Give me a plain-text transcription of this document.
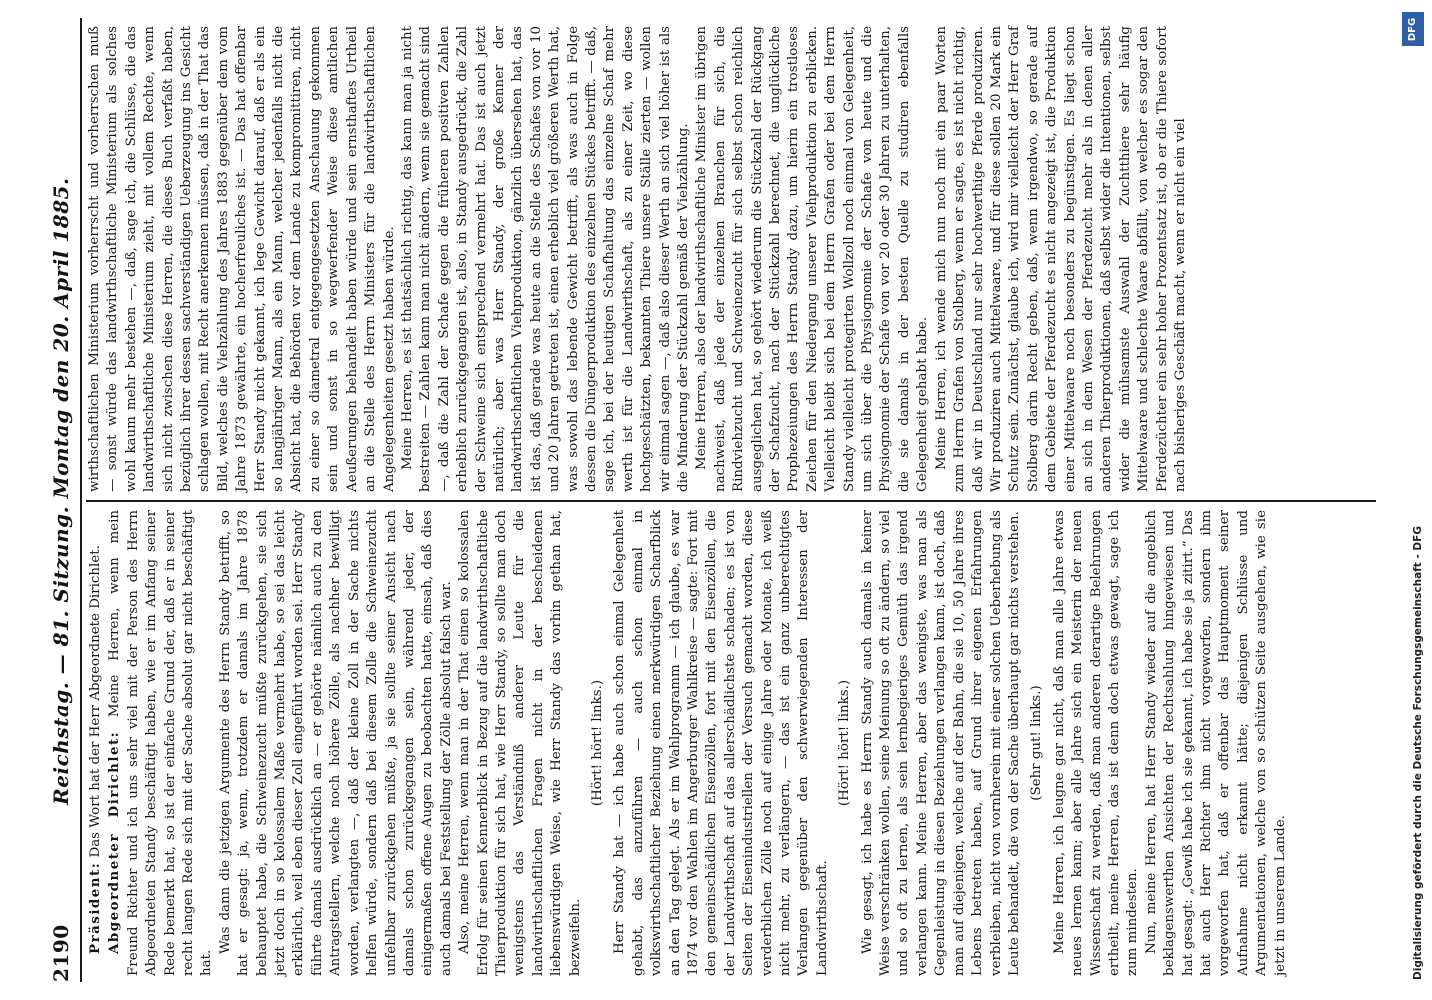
2190
Reichstag. — 81. Sitzung. Montag den 20. April 1885.

Präsident: Das Wort hat der Herr Abgeordnete Dirichlet. Abgeordneter Dirichlet: Meine Herren, wenn mein Freund Richter und ich uns sehr viel mit der Person des Herrn Abgeordneten Standy beschäftigt haben, wie er im Anfang seiner Rede bemerkt hat, so ist der einfache Grund der, daß er in seiner recht langen Rede sich mit der Sache absolut gar nicht beschäftigt hat.

Was dann die jetzigen Argumente des Herrn Standy betrifft, so hat er gesagt: ja, wenn, trotzdem er damals im Jahre 1878 behauptet habe, die Schweinezucht müßte zurückgehen, sie sich jetzt doch in so kolossalem Maße vermehrt habe, so sei das leicht erklärlich, weil eben dieser Zoll eingeführt worden sei. Herr Standy führte damals ausdrücklich an — er gehörte nämlich auch zu den Antragstellern, welche noch höhere Zölle, als nachher bewilligt worden, verlangten —, daß der kleine Zoll in der Sache nichts helfen würde, sondern daß bei diesem Zolle die Schweinezucht unfehlbar zurückgehen müßte, ja sie sollte seiner Ansicht nach damals schon zurückgegangen sein, während jeder, der einigermaßen offene Augen zu beobachten hatte, einsah, daß dies auch damals bei Feststellung der Zölle absolut falsch war. Also, meine Herren, wenn man in der That einen so kolossalen Erfolg für seinen Kennerblick in Bezug auf die landwirthschaftliche Thierproduktion für sich hat, wie Herr Standy, so sollte man doch wenigstens das Verständniß anderer Leute für die landwirthschaftlichen Fragen nicht in der bescheidenen liebenswürdigen Weise, wie Herr Standy das vorhin gethan hat, bezweifeln.

(Hört! hört! links.) Herr Standy hat — ich habe auch schon einmal Gelegenheit gehabt, das anzuführen — auch schon einmal in volkswirthschaftlicher Beziehung einen merkwürdigen Scharfblick an den Tag gelegt. Als er im Wahlprogramm — ich glaube, es war 1874 vor den Wahlen im Angerburger Wahlkreise — sagte: Fort mit den gemeinschädlichen Eisenzöllen, fort mit den Eisenzöllen, die der Landwirthschaft auf das allerschädlichste schaden; es ist von Seiten der Eisenindustriellen der Versuch gemacht worden, diese verderblichen Zölle noch auf einige Jahre oder Monate, ich weiß nicht mehr, zu verlängern, — das ist ein ganz unberechtigtes Verlangen gegenüber den schwerwiegenden Interessen der Landwirthschaft.

(Hört! hört! links.) Wie gesagt, ich habe es Herrn Standy auch damals in keiner Weise verschränken wollen, seine Meinung so oft zu ändern, so viel und so oft zu lernen, als sein lernbegieriges Gemüth das irgend verlangen kann. Meine Herren, aber das wenigste, was man als Gegenleistung in diesen Beziehungen verlangen kann, ist doch, daß man auf diejenigen, welche auf der Bahn, die sie 10, 50 Jahre ihres Lebens betreten haben, auf Grund ihrer eigenen Erfahrungen verbleiben, nicht von vornherein mit einer solchen Ueberhebung als Leute behandelt, die von der Sache überhaupt gar nichts verstehen. (Sehr gut! links.) Meine Herren, ich leugne gar nicht, daß man alle Jahre etwas neues lernen kann; aber alle Jahre sich ein Meisterin der neuen Wissenschaft zu werden, daß man anderen derartige Belehrungen ertheilt, meine Herren, das ist denn doch etwas gewagt, sage ich zum mindesten. Nun, meine Herren, hat Herr Standy wieder auf die angeblich beklagenswerthen Ansichten der Rechtsahlung hingewiesen und hat gesagt: „Gewiß habe ich sie gekannt, ich habe sie ja zitirt.“ Das hat auch Herr Richter ihm nicht vorgeworfen, sondern ihm vorgeworfen hat, daß er offenbar das Hauptmoment seiner Aufnahme nicht erkannt hätte; diejenigen Schlüsse und Argumentationen, welche von so schützen Seite ausgehen, wie sie jetzt in unserem Lande.

wirthschaftlichen Ministerium vorherrscht und vorherrschen muß — sonst würde das landwirthschaftliche Ministerium als solches wohl kaum mehr bestehen —, daß, sage ich, die Schlüsse, die das landwirthschaftliche Ministerium zieht, mit vollem Rechte, wenn sich nicht zwischen diese Herren, die dieses Buch verfaßt haben, bezüglich ihrer dessen sachverständigen Ueberzeugung ins Gesicht schlagen wollen, mit Recht anerkennen müssen, daß in der That das Bild, welches die Viehzählung des Jahres 1883 gegenüber dem vom Jahre 1873 gewährte, ein hocherfreuliches ist. — Das hat offenbar Herr Standy nicht gekannt, ich lege Gewicht darauf, daß er als ein so langjähriger Mann, als ein Mann, welcher jedenfalls nicht die Absicht hat, die Behörden vor dem Lande zu kompromittiren, nicht zu einer so diametral entgegengesetzten Anschauung gekommen sein und sonst in so wegwerfender Weise diese amtlichen Aeußerungen behandelt haben würde und sein ernsthaftes Urtheil an die Stelle des Herrn Ministers für die landwirthschaftlichen Angelegenheiten gesetzt haben würde. Meine Herren, es ist thatsächlich richtig, das kann man ja nicht bestreiten — Zahlen kann man nicht ändern, wenn sie gemacht sind —, daß die Zahl der Schafe gegen die früheren positiven Zahlen erheblich zurückgegangen ist, also, in Standy ausgedrückt, die Zahl der Schweine sich entsprechend vermehrt hat. Das ist auch jetzt natürlich; aber was Herr Standy, der große Kenner der landwirthschaftlichen Viehproduktion, gänzlich übersehen hat, das ist das, daß gerade was heute an die Stelle des Schafes von vor 10 und 20 Jahren getreten ist, einen erheblich viel größeren Werth hat, was sowohl das lebende Gewicht betrifft, als was auch in Folge dessen die Düngerproduktion des einzelnen Stückes betrifft. — daß, sage ich, bei der heutigen Schafhaltung das einzelne Schaf mehr werth ist für die Landwirthschaft, als zu einer Zeit, wo diese hochgeschätzten, bekannten Thiere unsere Ställe zierten — wollen wir einmal sagen —, daß also dieser Werth an sich viel höher ist als die Minderung der Stückzahl gemäß der Viehzählung. Meine Herren, also der landwirthschaftliche Minister im übrigen nachweist, daß jede der einzelnen Branchen für sich, die Rindviehzucht und Schweinezucht für sich selbst schon reichlich ausgeglichen hat, so gehört wiederum die Stückzahl der Rückgang der Schafzucht, nach der Stückzahl berechnet, die unglückliche Prophezeiungen des Herrn Standy dazu, um hierin ein trostloses Zeichen für den Niedergang unserer Viehproduktion zu erblicken. Vielleicht bleibt sich bei dem Herrn Grafen oder bei dem Herrn Standy vielleicht protegirten Wollzoll noch einmal von Gelegenheit, um sich über die Physiognomie der Schafe von heute und die Physiognomie der Schafe von vor 20 oder 30 Jahren zu unterhalten, die sie damals in der besten Quelle zu studiren ebenfalls Gelegenheit gehabt habe. Meine Herren, ich wende mich nun noch mit ein paar Worten zum Herrn Grafen von Stolberg, wenn er sagte, es ist nicht richtig, daß wir in Deutschland nur sehr hochwerthige Pferde produziren. Wir produziren auch Mittelwaare, und für diese sollen 20 Mark ein Schutz sein. Zunächst, glaube ich, wird mir vielleicht der Herr Graf Stolberg darin Recht geben, daß, wenn irgendwo, so gerade auf dem Gebiete der Pferdezucht es nicht angezeigt ist, die Produktion einer Mittelwaare noch besonders zu begünstigen. Es liegt schon an sich in dem Wesen der Pferdezucht mehr als in denen aller anderen Thierproduktionen, daß selbst wider die Intentionen, selbst wider die mühsamste Auswahl der Zuchtthiere sehr häufig Mittelwaare und schlechte Waare abfällt, von welcher es sogar den Pferdezüchter ein sehr hoher Prozentsatz ist, ob er die Thiere sofort nach bisheriges Geschäft macht, wenn er nicht ein viel

DFG
Digitalisierung gefördert durch die Deutsche Forschungsgemeinschaft - DFG
